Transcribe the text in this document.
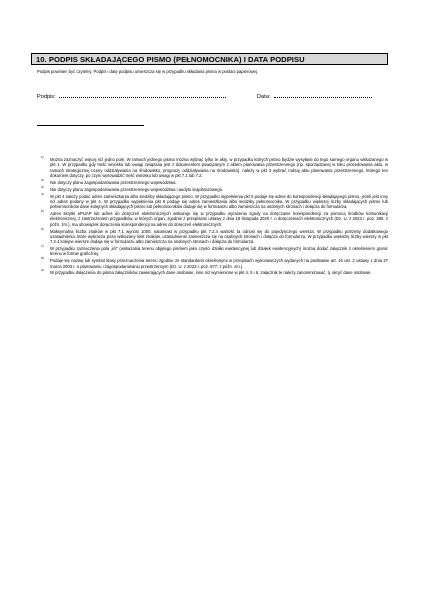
10. PODPIS SKŁADAJĄCEGO PISMO (PEŁNOMOCNIKA) I DATA PODPISU
Podpis powinien być czytelny. Podpis i datę podpisu umieszcza się w przypadku składania pisma w postaci papierowej.
Podpis:	Data:
1) Można zaznaczyć więcej niż jedno pole. W ramach jednego pisma można wybrać tylko te akty, w przypadku których pismo będzie wysyłane do tego samego organu wskazanego w pkt 1. W przypadku gdy treść wniosku lub uwagi związana jest z dokumentem powiązanym z aktem planowania przestrzennego (np. sporządzanej w toku procedowania aktu, w ramach strategicznej oceny oddziaływania na środowisko, prognozy oddziaływania na środowisko), należy w pkt 3 wybrać rodzaj aktu planowania przestrzennego, którego ten dokument dotyczy, po czym wprowadzić treść wniosku lub uwagi w pkt 7.1 lub 7.2.
2) Nie dotyczy planu zagospodarowania przestrzennego województwa.
3) Nie dotyczy planu zagospodarowania przestrzennego województwa i audytu krajobrazowego.
4) W pkt 4 należy podać adres zamieszkania albo siedziby składającego pismo. W przypadku wypełnienia pkt 5 podaje się adres do korespondencji składającego pismo, jeżeli jest inny niż adres podany w pkt 4. W przypadku wypełnienia pkt 6 podaje się adres zamieszkania albo siedziby pełnomocnika. W przypadku większej liczby składających pismo lub pełnomocników dane kolejnych składających pismo lub pełnomocników dodaje się w formularzu albo zamieszcza na osobnych stronach i dołącza do formularza.
5) Adres skrytki ePUAP lub adres do doręczeń elektronicznych wskazuje się w przypadku wyrażenia zgody na doręczanie korespondencji za pomocą środków komunikacji elektronicznej, z zastrzeżeniem przypadków, w których organ, zgodnie z przepisami ustawy z dnia 18 listopada 2020 r. o doręczeniach elektronicznych (Dz. U. z 2023 r. poz. 285, z późn. zm.), ma obowiązek doręczenia korespondencji na adres do doręczeń elektronicznych.
6) Maksymalna liczba znaków w pkt 7.1 wynosi 1000, natomiast w przypadku pkt 7.2.4 wartość ta odnosi się do pojedynczego wiersza. W przypadku potrzeby dodatkowego uzasadnienia, które wykracza poza wskazany limit znaków, uzasadnienie zamieszcza się na osobnych stronach i dołącza do formularza. W przypadku większej liczby wierszy w pkt 7.2.4 kolejne wiersze dodaje się w formularzu albo zamieszcza na osobnych stronach i dołącza do formularza.
7) W przypadku zaznaczenia pola „inl” (wskazania terenu objętego pismem jako części działki ewidencyjnej lub działek ewidencyjnych) można dodać załącznik z określeniem granic terenu w formie graficznej.
8) Podaje się nazwę lub symbol klasy przeznaczenia terenu zgodnie ze standardami określonymi w przepisach wykonawczych wydanych na podstawie art. 16 ust. 2 ustawy z dnia 27 marca 2003 r. o planowaniu i zagospodarowaniu przestrzennym (Dz. U. z 2023 r. poz. 977, z późn. zm.).
9) W przypadku dołączenia do pisma załączników zawierających dane osobowe, inne niż wymienione w pkt 4, 5 i 6, załącznik te należy zanonimizować, tj. ukryć dane osobowe.
